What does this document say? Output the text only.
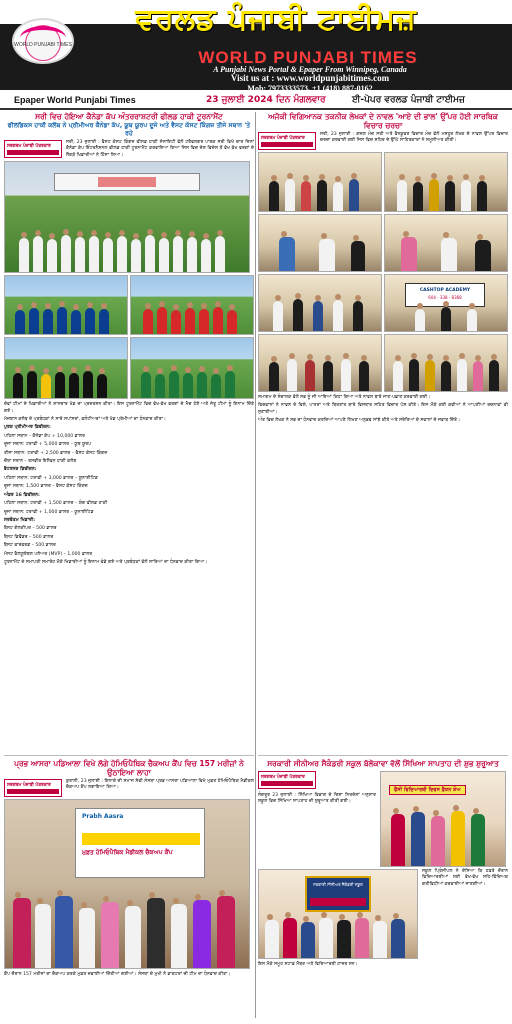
ਵਰਲਡ ਪੰਜਾਬੀ ਟਾਈਮਜ਼
WORLD PUNJABI TIMES
A Punjabi News Portal & Epaper From Winnipeg, Canada
Visit us at : www.worldpunjabitimes.com
Mob: 7973333573, +1 (418) 887-0162
WORLD PUNJABI TIMES
Epaper World Punjabi Times	23 ਜੁਲਾਈ 2024 ਦਿਨ ਮੰਗਲਵਾਰ	ਈ-ਪੇਪਰ ਵਰਲਡ ਪੰਜਾਬੀ ਟਾਈਮਜ਼
ਸਰੀ ਵਿਚ ਹੋਇਆ ਕੈਨੇਡਾ ਕੱਪ ਅੰਤਰਰਾਸ਼ਟਰੀ ਫੀਲਡ ਹਾਕੀ ਟੂਰਨਾਮੈਂਟ
ਫੀਲਡਿਕਸ ਹਾਕੀ ਕਲੱਬ ਨੇ ਪ੍ਰੀਮੀਅਰ ਕੈਨੇਡਾ ਕੱਪ, ਯੂਥ ਯੂਰਪ ਦੂਜੇ ਅਤੇ ਵੈਸਟ ਕੋਸਟ ਕਿੰਗਜ਼ ਤੀਜੇ ਸਥਾਨ 'ਤੇ ਰਹੇ
ਸਰਗਰਮ ਪੰਜਾਬੀ ਪੱਤਰਕਾਰ

ਸਰੀ, 23 ਜੁਲਾਈ : ਵੈਸਟ ਕੋਸਟ ਕਿੰਗਜ਼ ਫੀਲਡ ਹਾਕੀ ਸੋਸਾਇਟੀ ਵੱਲੋਂ ਟਰੈਫਲਗਰ ਪਾਰਕ ਸਰੀ ਵਿਖੇ ਚਾਰ ਦਿਨਾਂ ਕੈਨੇਡਾ ਕੱਪ ਇੰਟਰਨੈਸ਼ਨਲ ਫੀਲਡ ਹਾਕੀ ਟੂਰਨਾਮੈਂਟ ਕਰਵਾਇਆ ਗਿਆ ਜਿਸ ਵਿਚ ਦੇਸ਼ ਵਿਦੇਸ਼ ਤੋਂ ਵੱਖ ਵੱਖ ਵਰਗਾਂ ਦੇ ਸੈਂਕੜੇ ਖਿਡਾਰੀਆਂ ਨੇ ਹਿੱਸਾ ਲਿਆ।

ਦੋਵਾਂ ਟੀਮਾਂ ਦੇ ਖਿਡਾਰੀਆਂ ਨੇ ਸ਼ਾਨਦਾਰ ਖੇਡ ਦਾ ਪ੍ਰਦਰਸ਼ਨ ਕੀਤਾ। ਇਸ ਟੂਰਨਾਮੈਂਟ ਵਿਚ ਵੱਖ-ਵੱਖ ਵਰਗਾਂ ਦੇ ਮੈਚ ਹੋਏ ਅਤੇ ਜੇਤੂ ਟੀਮਾਂ ਨੂੰ ਇਨਾਮ ਦਿੱਤੇ ਗਏ।

ਮੇਜ਼ਬਾਨ ਕਲੱਬ ਦੇ ਪ੍ਰਬੰਧਕਾਂ ਨੇ ਸਾਰੇ ਸਪਾਂਸਰਾਂ, ਵਲੰਟੀਅਰਾਂ ਅਤੇ ਖੇਡ ਪ੍ਰੇਮੀਆਂ ਦਾ ਧੰਨਵਾਦ ਕੀਤਾ।

ਪੁਰਸ਼ ਪ੍ਰੀਮੀਅਰ ਡਿਵੀਜ਼ਨ:

ਪਹਿਲਾ ਸਥਾਨ – ਕੈਨੇਡਾ ਕੱਪ + 10,000 ਡਾਲਰ

ਦੂਜਾ ਸਥਾਨ: ਟਰਾਫੀ + 5,000 ਡਾਲਰ – ਯੂਥ ਯੂਰਪ

ਤੀਜਾ ਸਥਾਨ: ਟਰਾਫੀ + 2,500 ਡਾਲਰ – ਵੈਸਟ ਕੋਸਟ ਕਿੰਗਜ਼

ਚੌਥਾ ਸਥਾਨ – ਤਸਵੀਰ ਇਲੈਵਨ ਹਾਕੀ ਕਲੱਬ

ਵੈਟਰਨਜ਼ ਡਿਵੀਜ਼ਨ:

ਪਹਿਲਾ ਸਥਾਨ: ਟਰਾਫੀ + 3,000 ਡਾਲਰ – ਯੂਨਾਈਟਿਡ

ਦੂਜਾ ਸਥਾਨ: 1,500 ਡਾਲਰ – ਵੈਸਟ ਕੋਸਟ ਕਿੰਗਜ਼

ਅੰਡਰ 16 ਡਿਵੀਜ਼ਨ:

ਪਹਿਲਾ ਸਥਾਨ: ਟਰਾਫੀ + 1,500 ਡਾਲਰ – ਯੰਗ ਫੀਲਡ ਹਾਕੀ

ਦੂਜਾ ਸਥਾਨ: ਟਰਾਫੀ + 1,000 ਡਾਲਰ – ਯੂਨਾਈਟਿਡ

ਸਰਵੋਤਮ ਖਿਡਾਰੀ:

ਬੈਸਟ ਗੋਲਕੀਪਰ – 500 ਡਾਲਰ

ਬੈਸਟ ਡਿਫੈਂਡਰ – 500 ਡਾਲਰ

ਬੈਸਟ ਫਾਰਵਰਡ – 500 ਡਾਲਰ

ਮੋਸਟ ਵੈਲਯੂਏਬਲ ਪਲੇਅਰ (MVP) – 1,000 ਡਾਲਰ

ਟੂਰਨਾਮੈਂਟ ਦੇ ਸਮਾਪਤੀ ਸਮਾਰੋਹ ਮੌਕੇ ਖਿਡਾਰੀਆਂ ਨੂੰ ਇਨਾਮ ਵੰਡੇ ਗਏ ਅਤੇ ਪ੍ਰਬੰਧਕਾਂ ਵੱਲੋਂ ਸਾਰਿਆਂ ਦਾ ਧੰਨਵਾਦ ਕੀਤਾ ਗਿਆ।

ਪ੍ਰਭ ਆਸਰਾ ਪਡਿਆਲਾ ਵਿਖੇ ਲੱਗੇ ਹੋਮਿਓਪੈਥਿਕ ਚੈਕਅਪ ਕੈਂਪ ਵਿਚ 157 ਮਰੀਜ਼ਾਂ ਨੇ ਉਠਾਇਆ ਲਾਹਾ
ਸਰਗਰਮ ਪੰਜਾਬੀ ਪੱਤਰਕਾਰ

ਕੁਰਾਲੀ, 23 ਜੁਲਾਈ : ਇਲਾਕੇ ਦੀ ਸਮਾਜ ਸੇਵੀ ਸੰਸਥਾ ਪ੍ਰਭ ਆਸਰਾ ਪਡਿਆਲਾ ਵਿਖੇ ਮੁਫ਼ਤ ਹੋਮਿਓਪੈਥਿਕ ਮੈਡੀਕਲ ਚੈਕਅਪ ਕੈਂਪ ਲਗਾਇਆ ਗਿਆ।

Prabh Aasra
ਮੁਫ਼ਤ ਹੋਮਿਓਪੈਥਿਕ ਮੈਡੀਕਲ ਚੈਕਅਪ ਕੈਂਪ

ਕੈਂਪ ਦੌਰਾਨ 157 ਮਰੀਜ਼ਾਂ ਦਾ ਚੈਕਅਪ ਕਰਕੇ ਮੁਫ਼ਤ ਦਵਾਈਆਂ ਦਿੱਤੀਆਂ ਗਈਆਂ। ਸੰਸਥਾ ਦੇ ਮੁਖੀ ਨੇ ਡਾਕਟਰਾਂ ਦੀ ਟੀਮ ਦਾ ਧੰਨਵਾਦ ਕੀਤਾ।

ਅਜੋਕੀ ਵਿਗਿਆਨਕ ਤਕਨੀਕ ਲੇਖਕਾਂ ਦੇ ਨਾਵਲ 'ਆਏ ਦੀ ਭਾਲ' ਉੱਪਰ ਹੋਈ ਸਾਰਥਿਕ ਵਿਚਾਰ ਚਰਚਾ
ਸਰਗਰਮ ਪੰਜਾਬੀ ਪੱਤਰਕਾਰ

ਸਰੀ, 23 ਜੁਲਾਈ : ਗ਼ਜ਼ਲ ਮੰਚ ਸਰੀ ਅਤੇ ਵੈਨਕੂਵਰ ਵਿਚਾਰ ਮੰਚ ਵੱਲੋਂ ਮਸ਼ਹੂਰ ਲੇਖਕ ਦੇ ਨਾਵਲ ਉੱਪਰ ਵਿਚਾਰ ਚਰਚਾ ਕਰਵਾਈ ਗਈ ਜਿਸ ਵਿਚ ਸ਼ਹਿਰ ਦੇ ਉੱਘੇ ਸਾਹਿਤਕਾਰਾਂ ਨੇ ਸ਼ਮੂਲੀਅਤ ਕੀਤੀ।

CASHTOP ACADEMY
604 - 338 - 8368

ਸਮਾਗਮ ਦੇ ਸੰਚਾਲਕ ਵੱਲੋਂ ਸਭ ਨੂੰ ਜੀ ਆਇਆਂ ਕਿਹਾ ਗਿਆ ਅਤੇ ਨਾਵਲ ਬਾਰੇ ਜਾਣ-ਪਛਾਣ ਕਰਵਾਈ ਗਈ।

ਵਿਦਵਾਨਾਂ ਨੇ ਨਾਵਲ ਦੇ ਵਿਸ਼ੇ, ਪਾਤਰਾਂ ਅਤੇ ਬਿਰਤਾਂਤ ਬਾਰੇ ਵਿਸਥਾਰ ਸਹਿਤ ਵਿਚਾਰ ਪੇਸ਼ ਕੀਤੇ। ਇਸ ਮੌਕੇ ਕਈ ਕਵੀਆਂ ਨੇ ਆਪਣੀਆਂ ਰਚਨਾਵਾਂ ਵੀ ਸੁਣਾਈਆਂ।

ਅੰਤ ਵਿਚ ਲੇਖਕ ਨੇ ਸਭ ਦਾ ਧੰਨਵਾਦ ਕਰਦਿਆਂ ਆਪਣੇ ਲਿਖਣ ਅਨੁਭਵ ਸਾਂਝੇ ਕੀਤੇ ਅਤੇ ਸਰੋਤਿਆਂ ਦੇ ਸਵਾਲਾਂ ਦੇ ਜਵਾਬ ਦਿੱਤੇ।

ਸਰਕਾਰੀ ਸੀਨੀਅਰ ਸੈਕੰਡਰੀ ਸਕੂਲ ਬੱਲੋਕਾਵਾ ਵੱਲੋਂ ਸਿੱਖਿਆ ਸਾਪਤਾਹ ਦੀ ਸ਼ੁਭ ਸ਼ੁਰੂਆਤ
ਸਰਗਰਮ ਪੰਜਾਬੀ ਪੱਤਰਕਾਰ

ਸੰਗਰੂਰ 23 ਜੁਲਾਈ : ਸਿੱਖਿਆ ਵਿਭਾਗ ਦੇ ਦਿਸ਼ਾ ਨਿਰਦੇਸ਼ਾਂ ਅਨੁਸਾਰ ਸਕੂਲ ਵਿਚ ਸਿੱਖਿਆ ਸਾਪਤਾਹ ਦੀ ਸ਼ੁਰੂਆਤ ਕੀਤੀ ਗਈ।

ਫੈਂਸੀ ਵਿਦਿਆਰਥੀ ਦਿਵਸ ਫ਼ੈਸ਼ਨ ਸ਼ੋਅ
ਸਰਕਾਰੀ ਸੀਨੀਅਰ ਸੈਕੰਡਰੀ ਸਕੂਲ

ਸਕੂਲ ਪ੍ਰਿੰਸੀਪਲ ਨੇ ਦੱਸਿਆ ਕਿ ਹਫ਼ਤੇ ਦੌਰਾਨ ਵਿਦਿਆਰਥੀਆਂ ਲਈ ਵੱਖ-ਵੱਖ ਸਹਿ-ਵਿੱਦਿਅਕ ਗਤੀਵਿਧੀਆਂ ਕਰਵਾਈਆਂ ਜਾਣਗੀਆਂ।

ਇਸ ਮੌਕੇ ਸਮੂਹ ਸਟਾਫ਼ ਮੈਂਬਰ ਅਤੇ ਵਿਦਿਆਰਥੀ ਹਾਜ਼ਰ ਸਨ।
